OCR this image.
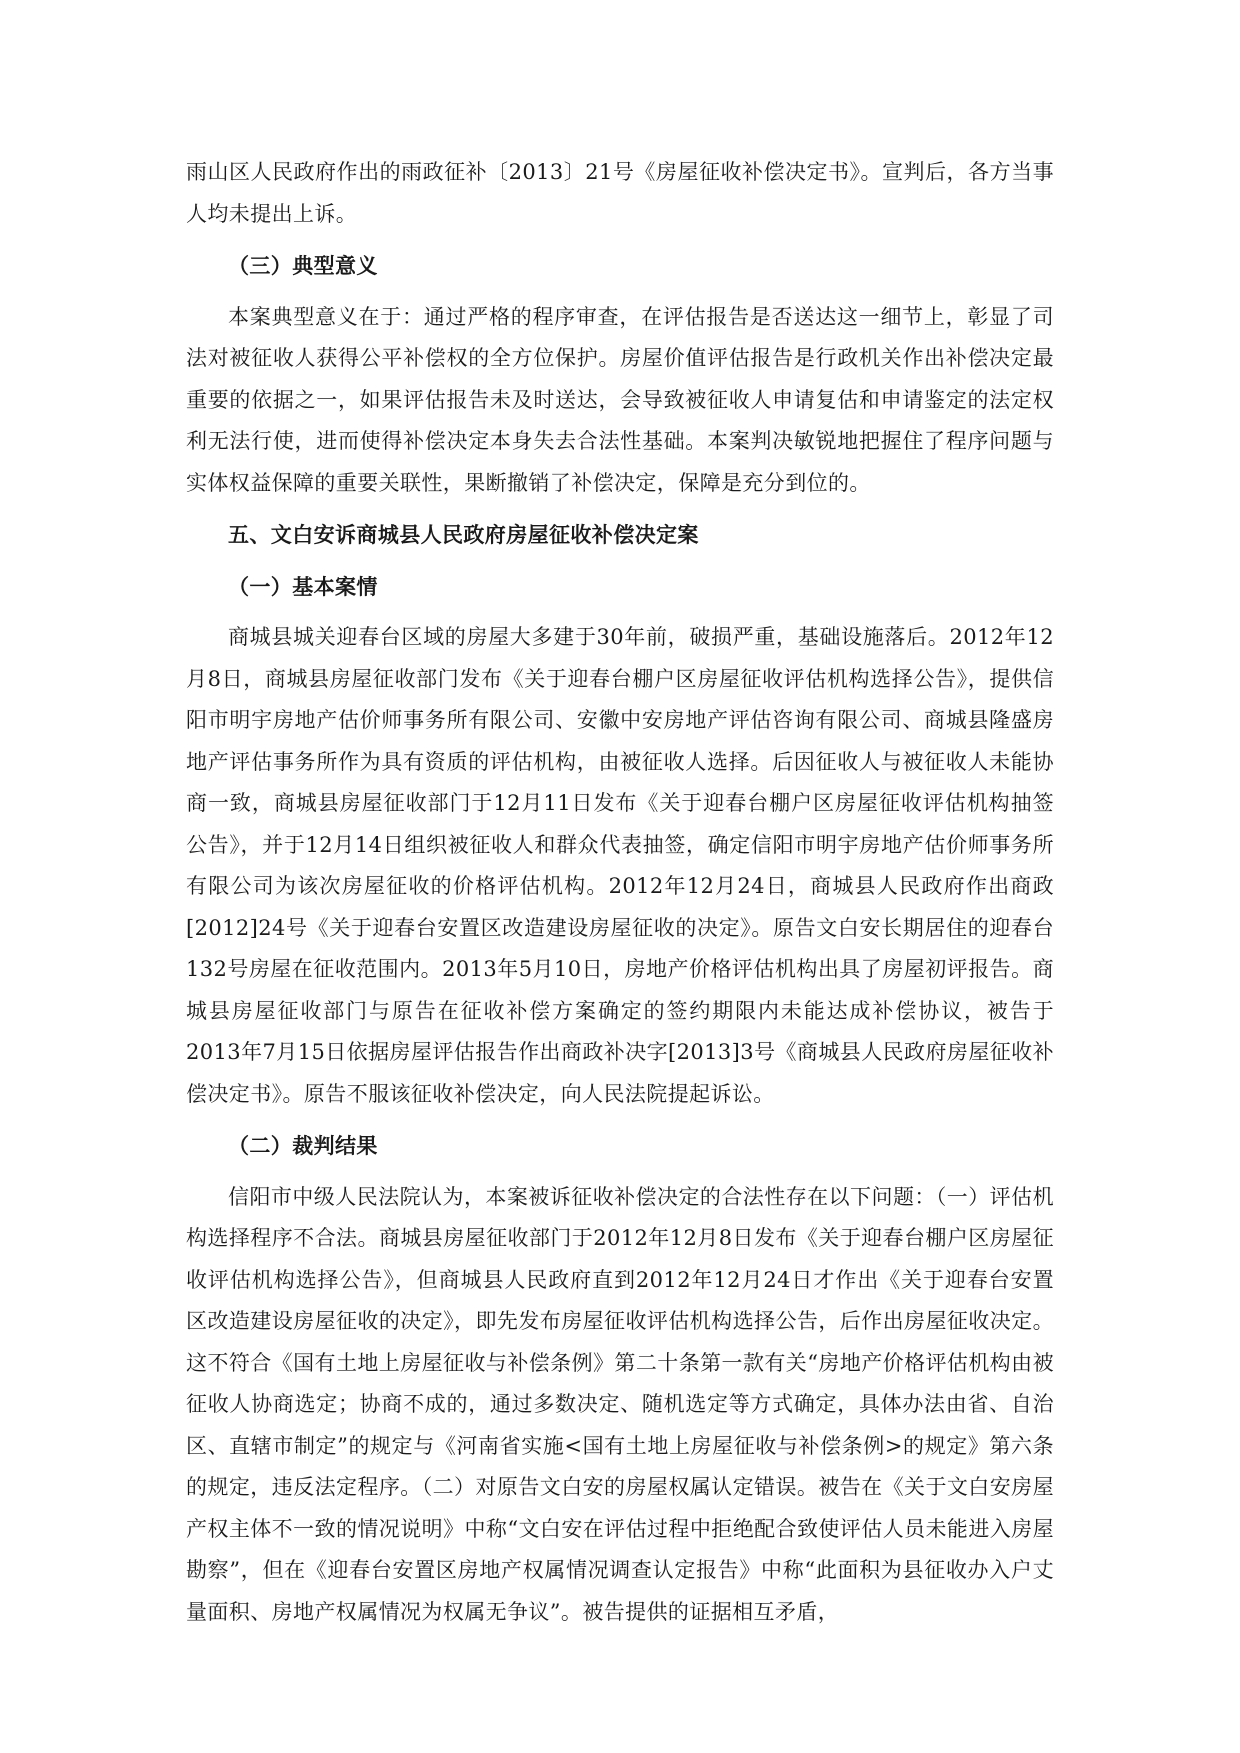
雨山区人民政府作出的雨政征补〔2013〕21号《房屋征收补偿决定书》。宣判后，各方当事人均未提出上诉。

（三）典型意义

本案典型意义在于：通过严格的程序审查，在评估报告是否送达这一细节上，彰显了司法对被征收人获得公平补偿权的全方位保护。房屋价值评估报告是行政机关作出补偿决定最重要的依据之一，如果评估报告未及时送达，会导致被征收人申请复估和申请鉴定的法定权利无法行使，进而使得补偿决定本身失去合法性基础。本案判决敏锐地把握住了程序问题与实体权益保障的重要关联性，果断撤销了补偿决定，保障是充分到位的。

五、文白安诉商城县人民政府房屋征收补偿决定案

（一）基本案情

商城县城关迎春台区域的房屋大多建于30年前，破损严重，基础设施落后。2012年12月8日，商城县房屋征收部门发布《关于迎春台棚户区房屋征收评估机构选择公告》，提供信阳市明宇房地产估价师事务所有限公司、安徽中安房地产评估咨询有限公司、商城县隆盛房地产评估事务所作为具有资质的评估机构，由被征收人选择。后因征收人与被征收人未能协商一致，商城县房屋征收部门于12月11日发布《关于迎春台棚户区房屋征收评估机构抽签公告》，并于12月14日组织被征收人和群众代表抽签，确定信阳市明宇房地产估价师事务所有限公司为该次房屋征收的价格评估机构。2012年12月24日，商城县人民政府作出商政[2012]24号《关于迎春台安置区改造建设房屋征收的决定》。原告文白安长期居住的迎春台132号房屋在征收范围内。2013年5月10日，房地产价格评估机构出具了房屋初评报告。商城县房屋征收部门与原告在征收补偿方案确定的签约期限内未能达成补偿协议，被告于2013年7月15日依据房屋评估报告作出商政补决字[2013]3号《商城县人民政府房屋征收补偿决定书》。原告不服该征收补偿决定，向人民法院提起诉讼。

（二）裁判结果

信阳市中级人民法院认为，本案被诉征收补偿决定的合法性存在以下问题：（一）评估机构选择程序不合法。商城县房屋征收部门于2012年12月8日发布《关于迎春台棚户区房屋征收评估机构选择公告》，但商城县人民政府直到2012年12月24日才作出《关于迎春台安置区改造建设房屋征收的决定》，即先发布房屋征收评估机构选择公告，后作出房屋征收决定。这不符合《国有土地上房屋征收与补偿条例》第二十条第一款有关“房地产价格评估机构由被征收人协商选定；协商不成的，通过多数决定、随机选定等方式确定，具体办法由省、自治区、直辖市制定”的规定与《河南省实施<国有土地上房屋征收与补偿条例>的规定》第六条的规定，违反法定程序。（二）对原告文白安的房屋权属认定错误。被告在《关于文白安房屋产权主体不一致的情况说明》中称“文白安在评估过程中拒绝配合致使评估人员未能进入房屋勘察”，但在《迎春台安置区房地产权属情况调查认定报告》中称“此面积为县征收办入户丈量面积、房地产权属情况为权属无争议”。被告提供的证据相互矛盾，
